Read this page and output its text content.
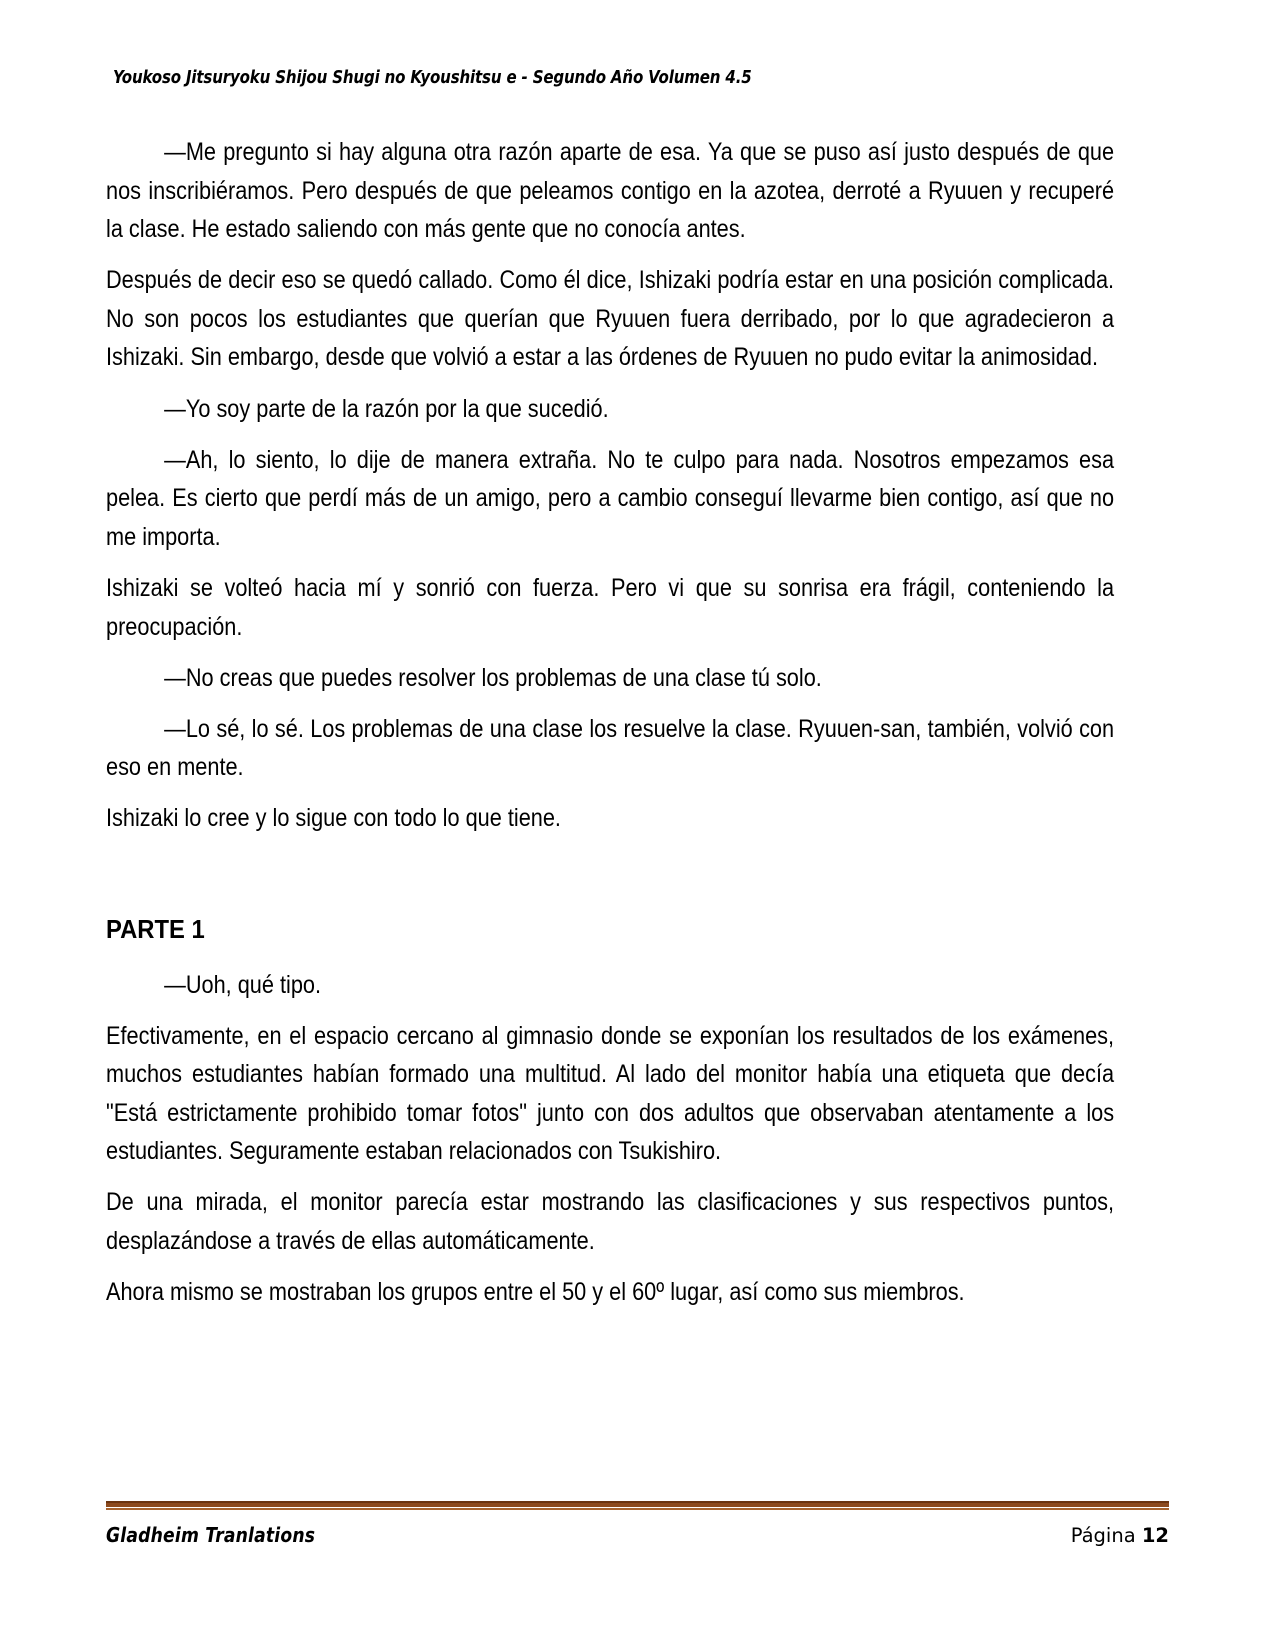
Youkoso Jitsuryoku Shijou Shugi no Kyoushitsu e - Segundo Año Volumen 4.5

—Me pregunto si hay alguna otra razón aparte de esa. Ya que se puso así justo después de que nos inscribiéramos. Pero después de que peleamos contigo en la azotea, derroté a Ryuuen y recuperé la clase. He estado saliendo con más gente que no conocía antes.

Después de decir eso se quedó callado. Como él dice, Ishizaki podría estar en una posición complicada. No son pocos los estudiantes que querían que Ryuuen fuera derribado, por lo que agradecieron a Ishizaki. Sin embargo, desde que volvió a estar a las órdenes de Ryuuen no pudo evitar la animosidad.

—Yo soy parte de la razón por la que sucedió.

—Ah, lo siento, lo dije de manera extraña. No te culpo para nada. Nosotros empezamos esa pelea. Es cierto que perdí más de un amigo, pero a cambio conseguí llevarme bien contigo, así que no me importa.

Ishizaki se volteó hacia mí y sonrió con fuerza. Pero vi que su sonrisa era frágil, conteniendo la preocupación.

—No creas que puedes resolver los problemas de una clase tú solo.

—Lo sé, lo sé. Los problemas de una clase los resuelve la clase. Ryuuen-san, también, volvió con eso en mente.

Ishizaki lo cree y lo sigue con todo lo que tiene.

PARTE 1

—Uoh, qué tipo.

Efectivamente, en el espacio cercano al gimnasio donde se exponían los resultados de los exámenes, muchos estudiantes habían formado una multitud. Al lado del monitor había una etiqueta que decía "Está estrictamente prohibido tomar fotos" junto con dos adultos que observaban atentamente a los estudiantes. Seguramente estaban relacionados con Tsukishiro.

De una mirada, el monitor parecía estar mostrando las clasificaciones y sus respectivos puntos, desplazándose a través de ellas automáticamente.

Ahora mismo se mostraban los grupos entre el 50 y el 60º lugar, así como sus miembros.

Gladheim Tranlations	Página 12
